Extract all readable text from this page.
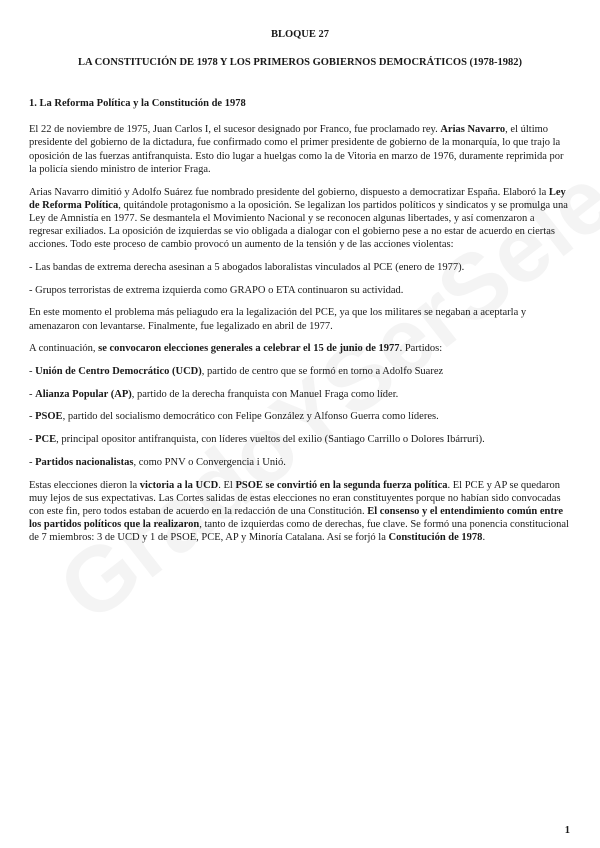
BLOQUE 27
LA CONSTITUCIÓN DE 1978 Y LOS PRIMEROS GOBIERNOS DEMOCRÁTICOS (1978-1982)

1. La Reforma Política y la Constitución de 1978

El 22 de noviembre de 1975, Juan Carlos I, el sucesor designado por Franco, fue proclamado rey. Arias Navarro, el último presidente del gobierno de la dictadura, fue confirmado como el primer presidente de gobierno de la monarquía, lo que trajo la oposición de las fuerzas antifranquista. Esto dio lugar a huelgas como la de Vitoria en marzo de 1976, duramente reprimida por la policía siendo ministro de interior Fraga.

Arias Navarro dimitió y Adolfo Suárez fue nombrado presidente del gobierno, dispuesto a democratizar España. Elaboró la Ley de Reforma Política, quitándole protagonismo a la oposición. Se legalizan los partidos políticos y sindicatos y se promulga una Ley de Amnistía en 1977. Se desmantela el Movimiento Nacional y se reconocen algunas libertades, y así comenzaron a regresar exiliados. La oposición de izquierdas se vio obligada a dialogar con el gobierno pese a no estar de acuerdo en ciertas acciones. Todo este proceso de cambio provocó un aumento de la tensión y de las acciones violentas:

- Las bandas de extrema derecha asesinan a 5 abogados laboralistas vinculados al PCE (enero de 1977).

- Grupos terroristas de extrema izquierda como GRAPO o ETA continuaron su actividad.

En este momento el problema más peliagudo era la legalización del PCE, ya que los militares se negaban a aceptarla y amenazaron con levantarse. Finalmente, fue legalizado en abril de 1977.

A continuación, se convocaron elecciones generales a celebrar el 15 de junio de 1977. Partidos:

- Unión de Centro Democrático (UCD), partido de centro que se formó en torno a Adolfo Suarez

- Alianza Popular (AP), partido de la derecha franquista con Manuel Fraga como líder.

- PSOE, partido del socialismo democrático con Felipe González y Alfonso Guerra como líderes.

- PCE, principal opositor antifranquista, con líderes vueltos del exilio (Santiago Carrillo o Dolores Ibárruri).

- Partidos nacionalistas, como PNV o Convergencia i Unió.

Estas elecciones dieron la victoria a la UCD. El PSOE se convirtió en la segunda fuerza política. El PCE y AP se quedaron muy lejos de sus expectativas. Las Cortes salidas de estas elecciones no eran constituyentes porque no habían sido convocadas con este fin, pero todos estaban de acuerdo en la redacción de una Constitución. El consenso y el entendimiento común entre los partidos políticos que la realizaron, tanto de izquierdas como de derechas, fue clave. Se formó una ponencia constitucional de 7 miembros: 3 de UCD y 1 de PSOE, PCE, AP y Minoría Catalana. Así se forjó la Constitución de 1978.

1
